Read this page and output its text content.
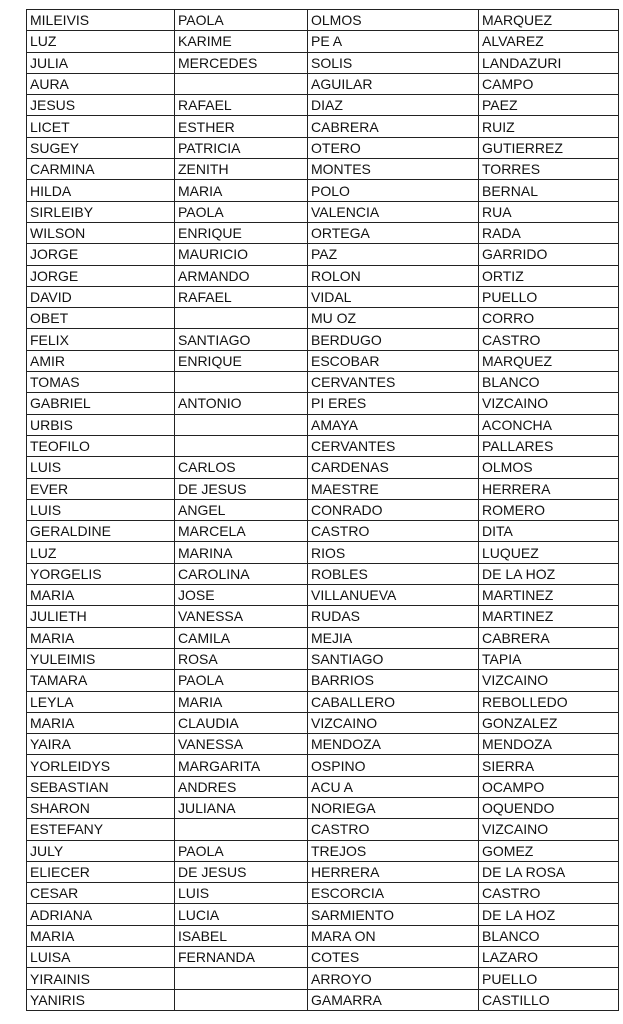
MILEIVIS	PAOLA	OLMOS	MARQUEZ
LUZ	KARIME	PE A	ALVAREZ
JULIA	MERCEDES	SOLIS	LANDAZURI
AURA		AGUILAR	CAMPO
JESUS	RAFAEL	DIAZ	PAEZ
LICET	ESTHER	CABRERA	RUIZ
SUGEY	PATRICIA	OTERO	GUTIERREZ
CARMINA	ZENITH	MONTES	TORRES
HILDA	MARIA	POLO	BERNAL
SIRLEIBY	PAOLA	VALENCIA	RUA
WILSON	ENRIQUE	ORTEGA	RADA
JORGE	MAURICIO	PAZ	GARRIDO
JORGE	ARMANDO	ROLON	ORTIZ
DAVID	RAFAEL	VIDAL	PUELLO
OBET		MU OZ	CORRO
FELIX	SANTIAGO	BERDUGO	CASTRO
AMIR	ENRIQUE	ESCOBAR	MARQUEZ
TOMAS		CERVANTES	BLANCO
GABRIEL	ANTONIO	PI ERES	VIZCAINO
URBIS		AMAYA	ACONCHA
TEOFILO		CERVANTES	PALLARES
LUIS	CARLOS	CARDENAS	OLMOS
EVER	DE JESUS	MAESTRE	HERRERA
LUIS	ANGEL	CONRADO	ROMERO
GERALDINE	MARCELA	CASTRO	DITA
LUZ	MARINA	RIOS	LUQUEZ
YORGELIS	CAROLINA	ROBLES	DE LA HOZ
MARIA	JOSE	VILLANUEVA	MARTINEZ
JULIETH	VANESSA	RUDAS	MARTINEZ
MARIA	CAMILA	MEJIA	CABRERA
YULEIMIS	ROSA	SANTIAGO	TAPIA
TAMARA	PAOLA	BARRIOS	VIZCAINO
LEYLA	MARIA	CABALLERO	REBOLLEDO
MARIA	CLAUDIA	VIZCAINO	GONZALEZ
YAIRA	VANESSA	MENDOZA	MENDOZA
YORLEIDYS	MARGARITA	OSPINO	SIERRA
SEBASTIAN	ANDRES	ACU A	OCAMPO
SHARON	JULIANA	NORIEGA	OQUENDO
ESTEFANY		CASTRO	VIZCAINO
JULY	PAOLA	TREJOS	GOMEZ
ELIECER	DE JESUS	HERRERA	DE LA ROSA
CESAR	LUIS	ESCORCIA	CASTRO
ADRIANA	LUCIA	SARMIENTO	DE LA HOZ
MARIA	ISABEL	MARA ON	BLANCO
LUISA	FERNANDA	COTES	LAZARO
YIRAINIS		ARROYO	PUELLO
YANIRIS		GAMARRA	CASTILLO
